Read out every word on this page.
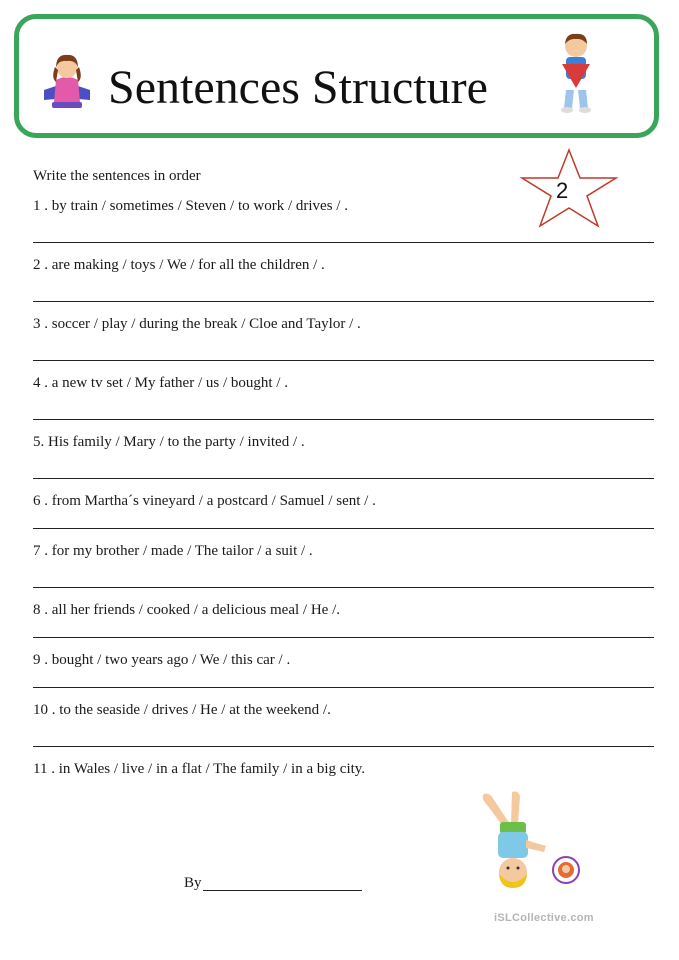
Sentences Structure
Write the sentences in order
2
1 . by train / sometimes / Steven / to work / drives / .
2 . are making / toys / We / for all the children / .
3 . soccer / play / during the break / Cloe and Taylor / .
4 . a new tv set / My father / us / bought / .
5. His family / Mary / to the party / invited / .
6 . from Martha´s vineyard / a postcard / Samuel / sent / .
7 . for my brother / made / The tailor / a suit / .
8 . all her friends / cooked / a delicious meal / He /.
9 . bought / two years ago / We / this car / .
10 . to the seaside / drives / He / at the weekend /.
11 . in Wales / live / in a flat / The family / in a big city.
By
iSLCollective.com
